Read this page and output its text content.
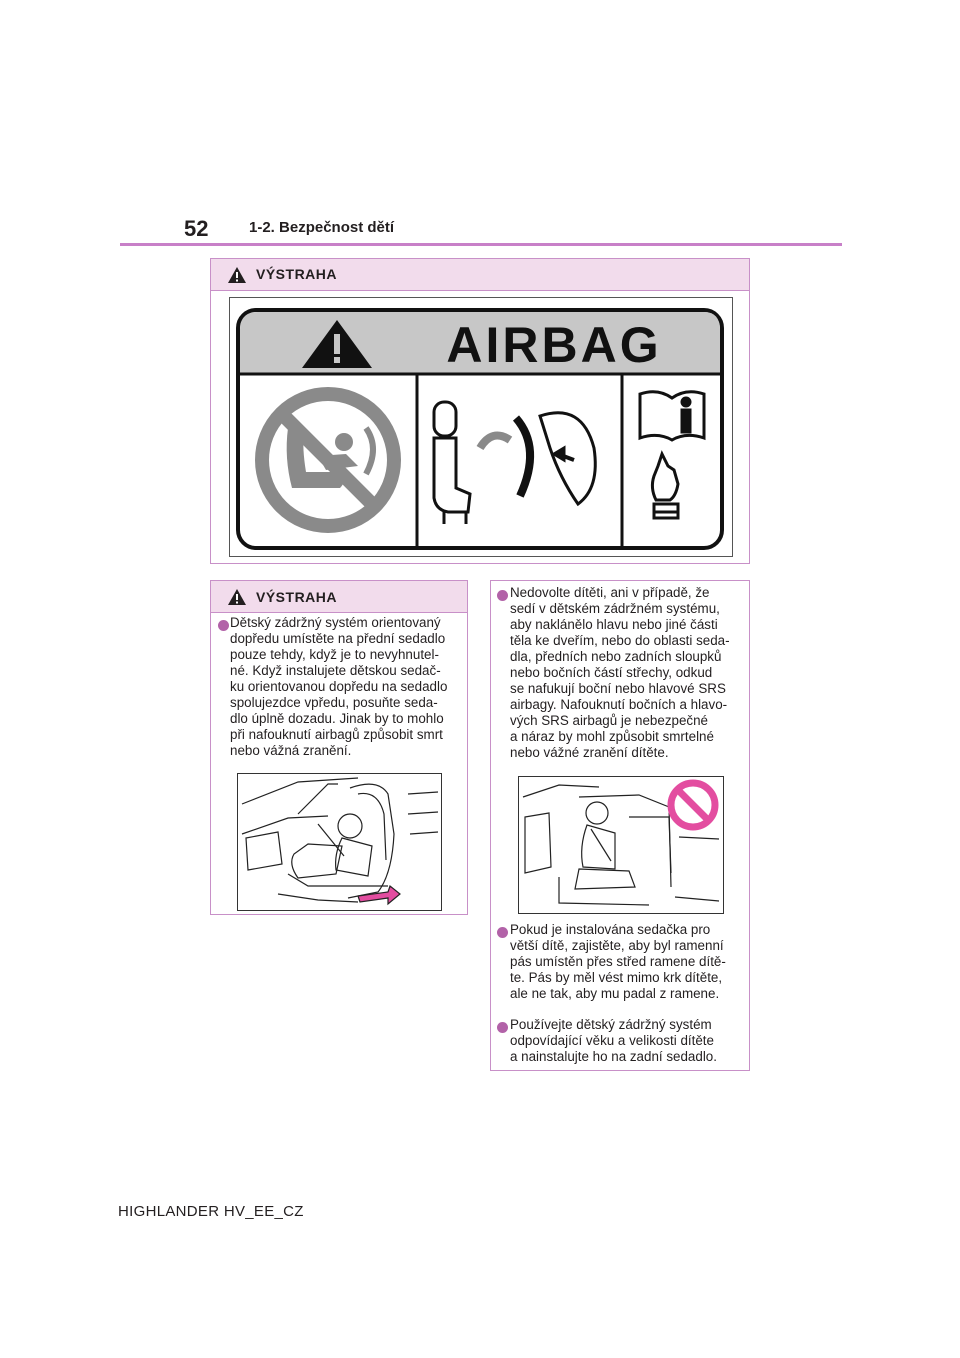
52	1-2. Bezpečnost dětí
VÝSTRAHA
AIRBAG
VÝSTRAHA
Dětský zádržný systém orientovaný
dopředu umístěte na přední sedadlo
pouze tehdy, když je to nevyhnutel-
né. Když instalujete dětskou sedač-
ku orientovanou dopředu na sedadlo
spolujezdce vpředu, posuňte seda-
dlo úplně dozadu. Jinak by to mohlo
při nafouknutí airbagů způsobit smrt
nebo vážná zranění.
Nedovolte dítěti, ani v případě, že
sedí v dětském zádržném systému,
aby naklánělo hlavu nebo jiné části
těla ke dveřím, nebo do oblasti seda-
dla, předních nebo zadních sloupků
nebo bočních částí střechy, odkud
se nafukují boční nebo hlavové SRS
airbagy. Nafouknutí bočních a hlavo-
vých SRS airbagů je nebezpečné
a náraz by mohl způsobit smrtelné
nebo vážné zranění dítěte.
Pokud je instalována sedačka pro
větší dítě, zajistěte, aby byl ramenní
pás umístěn přes střed ramene dítě-
te. Pás by měl vést mimo krk dítěte,
ale ne tak, aby mu padal z ramene.
Používejte dětský zádržný systém
odpovídající věku a velikosti dítěte
a nainstalujte ho na zadní sedadlo.
HIGHLANDER HV_EE_CZ
